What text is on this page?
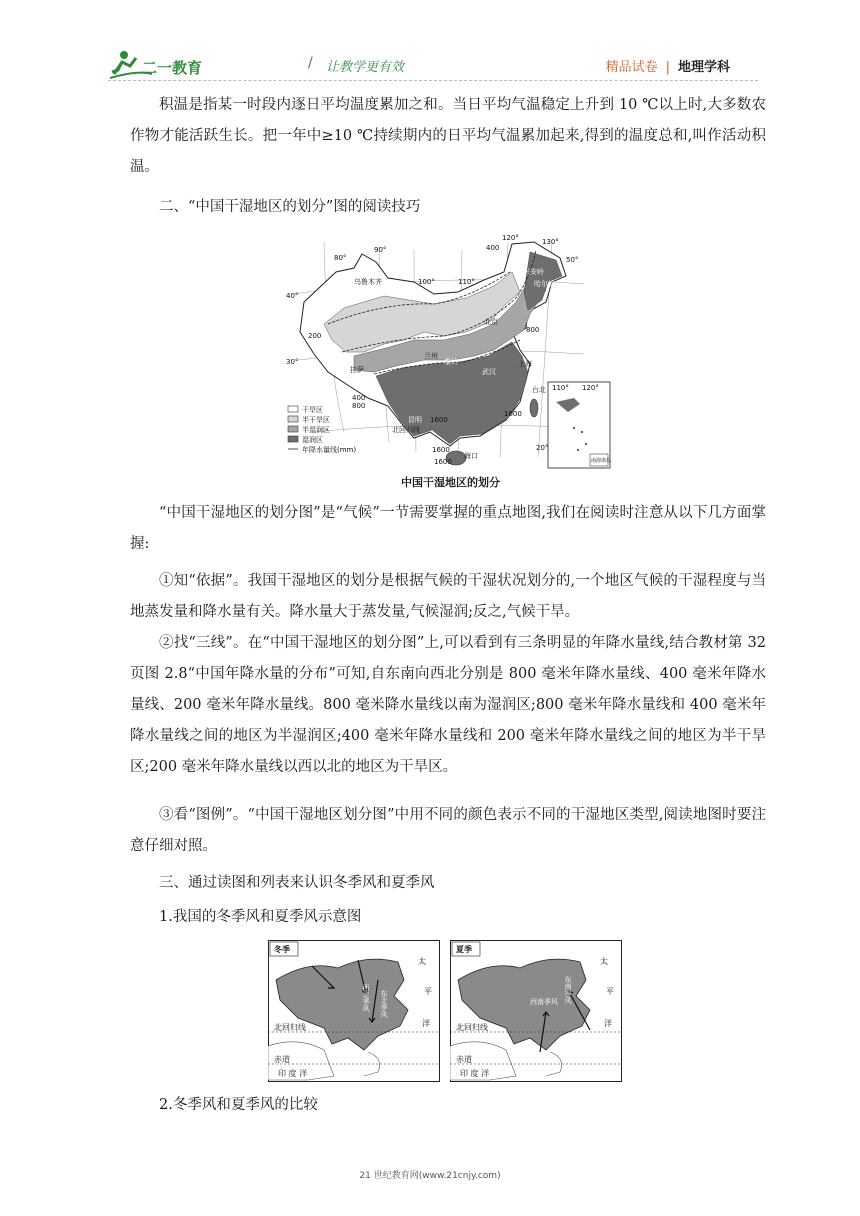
二一教育	/ 让教学更有效	精品试卷 | 地理学科
积温是指某一时段内逐日平均温度累加之和。当日平均气温稳定上升到 10 ℃以上时,大多数农作物才能活跃生长。把一年中≥10 ℃持续期内的日平均气温累加起来,得到的温度总和,叫作活动积温。
二、“中国干湿地区的划分”图的阅读技巧
80°
90°
100°	110°
120°	130°
40°
30°
20°
50°
400
800
200
400
800
1600
1600
1600
1600
乌鲁木齐
大兴安岭
哈尔滨
北京
兰州
秦岭
武汉
上海
拉萨
昆明
台北
海口
北回归线
干旱区
半干旱区
半湿润区
湿润区
年降水量线(mm)
110° 120°
南海诸岛
中国干湿地区的划分
“中国干湿地区的划分图”是“气候”一节需要掌握的重点地图,我们在阅读时注意从以下几方面掌握:
①知“依据”。我国干湿地区的划分是根据气候的干湿状况划分的,一个地区气候的干湿程度与当地蒸发量和降水量有关。降水量大于蒸发量,气候湿润;反之,气候干旱。
②找“三线”。在“中国干湿地区的划分图”上,可以看到有三条明显的年降水量线,结合教材第 32 页图 2.8“中国年降水量的分布”可知,自东南向西北分别是 800 毫米年降水量线、400 毫米年降水量线、200 毫米年降水量线。800 毫米降水量线以南为湿润区;800 毫米年降水量线和 400 毫米年降水量线之间的地区为半湿润区;400 毫米年降水量线和 200 毫米年降水量线之间的地区为半干旱区;200 毫米年降水量线以西以北的地区为干旱区。
③看“图例”。“中国干湿地区划分图”中用不同的颜色表示不同的干湿地区类型,阅读地图时要注意仔细对照。
三、通过读图和列表来认识冬季风和夏季风
1.我国的冬季风和夏季风示意图
冬季
西北季风 东北季风
太
平
洋
北回归线
赤道
印 度 洋
夏季
东南季风
西南季风
太
平
洋
北回归线
赤道
印 度 洋
2.冬季风和夏季风的比较
21 世纪教育网(www.21cnjy.com)
